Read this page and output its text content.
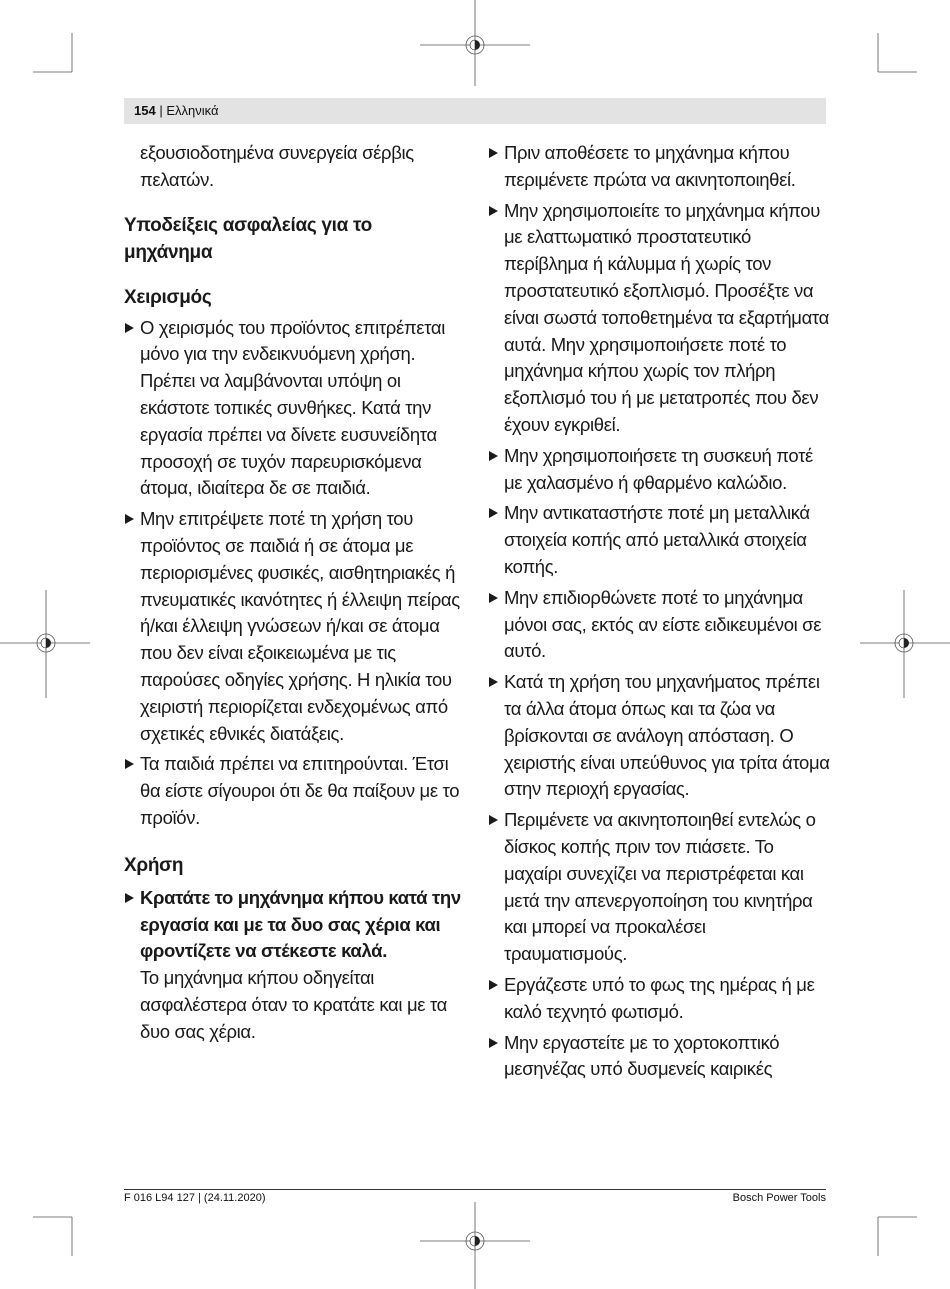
154 | Ελληνικά

εξουσιοδοτημένα συνεργεία σέρβις πελατών.

Υποδείξεις ασφαλείας για το μηχάνημα

Χειρισμός

Ο χειρισμός του προϊόντος επιτρέπεται μόνο για την ενδεικνυόμενη χρήση. Πρέπει να λαμβάνονται υπόψη οι εκάστοτε τοπικές συνθήκες. Κατά την εργασία πρέπει να δίνετε ευσυνείδητα προσοχή σε τυχόν παρευρισκόμενα άτομα, ιδιαίτερα δε σε παιδιά.
Μην επιτρέψετε ποτέ τη χρήση του προϊόντος σε παιδιά ή σε άτομα με περιορισμένες φυσικές, αισθητηριακές ή πνευματικές ικανότητες ή έλλειψη πείρας ή/και έλλειψη γνώσεων ή/και σε άτομα που δεν είναι εξοικειωμένα με τις παρούσες οδηγίες χρήσης. Η ηλικία του χειριστή περιορίζεται ενδεχομένως από σχετικές εθνικές διατάξεις.
Τα παιδιά πρέπει να επιτηρούνται. Έτσι θα είστε σίγουροι ότι δε θα παίξουν με το προϊόν.

Χρήση

Κρατάτε το μηχάνημα κήπου κατά την εργασία και με τα δυο σας χέρια και φροντίζετε να στέκεστε καλά.
Το μηχάνημα κήπου οδηγείται ασφαλέστερα όταν το κρατάτε και με τα δυο σας χέρια.
Πριν αποθέσετε το μηχάνημα κήπου περιμένετε πρώτα να ακινητοποιηθεί.
Μην χρησιμοποιείτε το μηχάνημα κήπου με ελαττωματικό προστατευτικό περίβλημα ή κάλυμμα ή χωρίς τον προστατευτικό εξοπλισμό. Προσέξτε να είναι σωστά τοποθετημένα τα εξαρτήματα αυτά. Μην χρησιμοποιήσετε ποτέ το μηχάνημα κήπου χωρίς τον πλήρη εξοπλισμό του ή με μετατροπές που δεν έχουν εγκριθεί.
Μην χρησιμοποιήσετε τη συσκευή ποτέ με χαλασμένο ή φθαρμένο καλώδιο.
Μην αντικαταστήστε ποτέ μη μεταλλικά στοιχεία κοπής από μεταλλικά στοιχεία κοπής.
Μην επιδιορθώνετε ποτέ το μηχάνημα μόνοι σας, εκτός αν είστε ειδικευμένοι σε αυτό.
Κατά τη χρήση του μηχανήματος πρέπει τα άλλα άτομα όπως και τα ζώα να βρίσκονται σε ανάλογη απόσταση. Ο χειριστής είναι υπεύθυνος για τρίτα άτομα στην περιοχή εργασίας.
Περιμένετε να ακινητοποιηθεί εντελώς ο δίσκος κοπής πριν τον πιάσετε. Το μαχαίρι συνεχίζει να περιστρέφεται και μετά την απενεργοποίηση του κινητήρα και μπορεί να προκαλέσει τραυματισμούς.
Εργάζεστε υπό το φως της ημέρας ή με καλό τεχνητό φωτισμό.
Μην εργαστείτε με το χορτοκοπτικό μεσηνέζας υπό δυσμενείς καιρικές
F 016 L94 127 | (24.11.2020)	Bosch Power Tools
